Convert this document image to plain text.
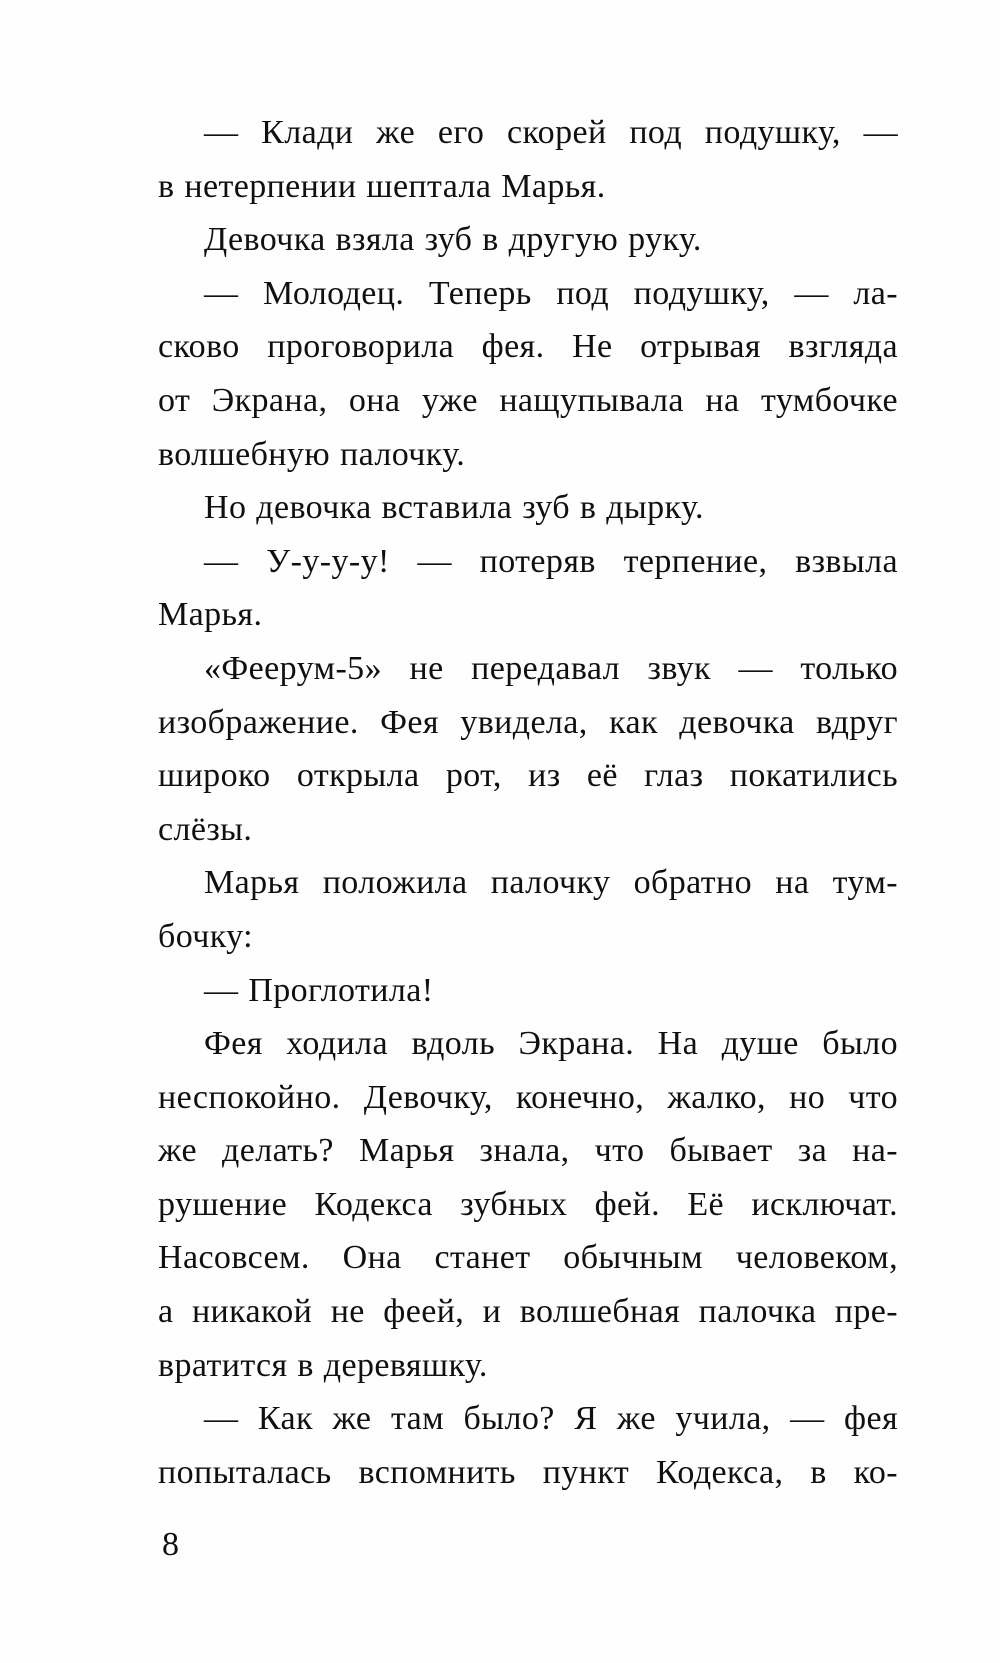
— Клади же его скорей под подушку, —
в нетерпении шептала Марья.
Девочка взяла зуб в другую руку.
— Молодец. Теперь под подушку, — ла-
сково проговорила фея. Не отрывая взгляда
от Экрана, она уже нащупывала на тумбочке
волшебную палочку.
Но девочка вставила зуб в дырку.
— У-у-у-у! — потеряв терпение, взвыла
Марья.
«Феерум-5» не передавал звук — только
изображение. Фея увидела, как девочка вдруг
широко открыла рот, из её глаз покатились
слёзы.
Марья положила палочку обратно на тум-
бочку:
— Проглотила!
Фея ходила вдоль Экрана. На душе было
неспокойно. Девочку, конечно, жалко, но что
же делать? Марья знала, что бывает за на-
рушение Кодекса зубных фей. Её исключат.
Насовсем. Она станет обычным человеком,
а никакой не феей, и волшебная палочка пре-
вратится в деревяшку.
— Как же там было? Я же учила, — фея
попыталась вспомнить пункт Кодекса, в ко-
8
